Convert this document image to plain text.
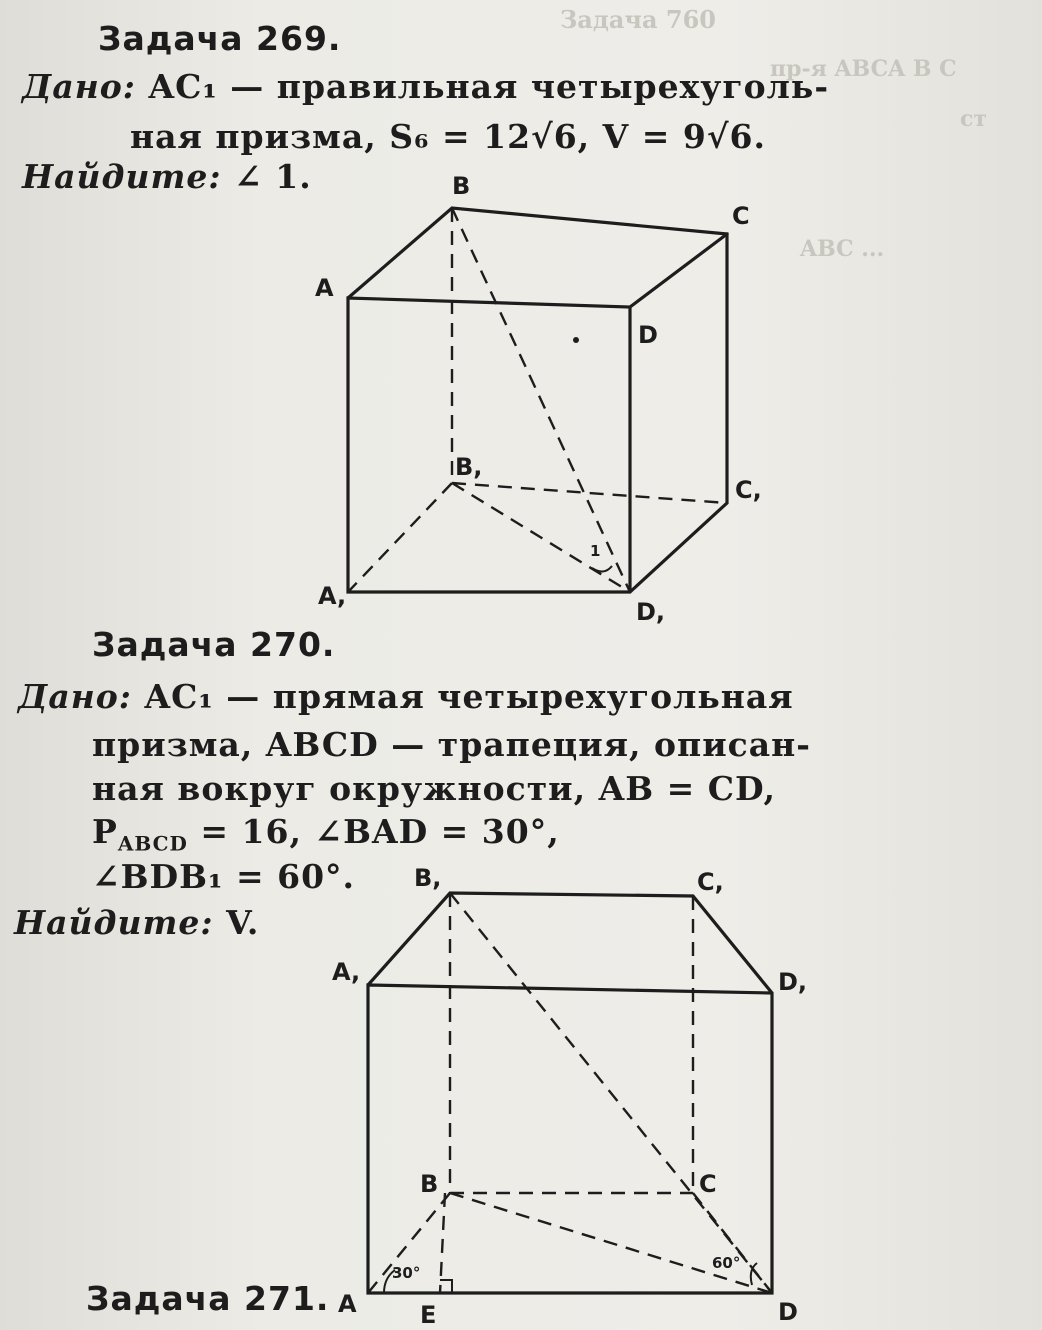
Задача 760
пр-я ABCA B C
ABC ...
ст
Задача 269.
Дано: AC₁ — правильная четырехуголь-
ная призма, S₆ = 12√6, V = 9√6.
Найдите: ∠ 1.	B
C
A
D
B,
C,
A,
D,
1
Задача 270.
Дано: AC₁ — прямая четырехугольная
призма, ABCD — трапеция, описан-
ная вокруг окружности, AB = CD,
$P_{ABCD} = 16$, ∠BAD = 30°,
∠BDB₁ = 60°.
Найдите: V.
B,	C,
A,	D,
B	C
A	D
E
30°
60°
Задача 271.
